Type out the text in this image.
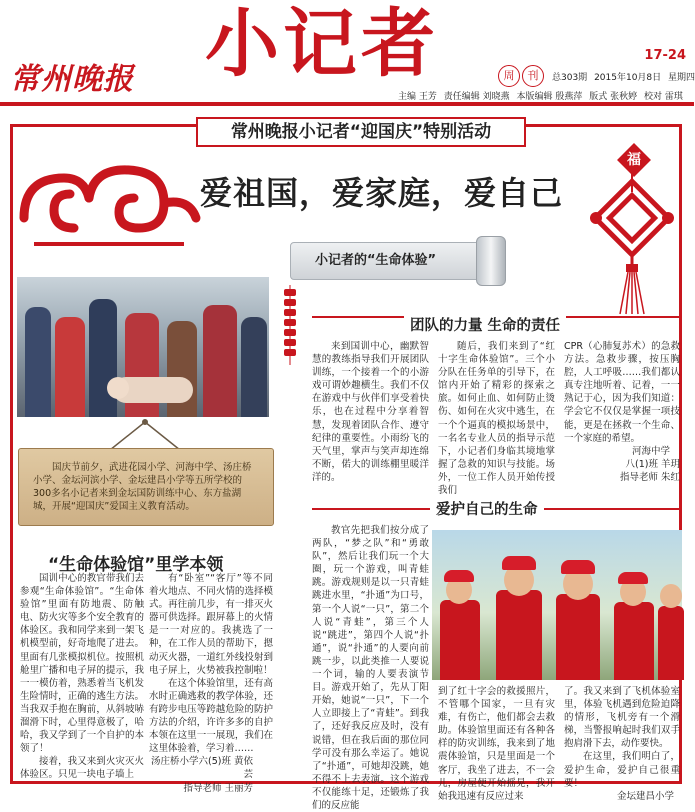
常州晚报 小记者	17-24
周	刊	总303期 2015年10月8日 星期四
主编 王芳 责任编辑 刘晓燕 本版编辑 殷燕萍 版式 张秋婷 校对 雷琪
福
常州晚报小记者“迎国庆”特别活动
爱祖国，爱家庭，爱自己
国庆节前夕，武进花园小学、河海中学、汤庄桥小学、金坛河滨小学、金坛建昌小学等五所学校的300多名小记者来到金坛国防训练中心、东方盐湖城，开展“迎国庆”爱国主义教育活动。
“生命体验馆”里学本领

国训中心的教官带我们去参观“生命体验馆”。“生命体验馆”里面有防地震、防触电、防火灾等多个安全教育的体验区。我和同学来到一架飞机模型前，好奇地爬了进去。里面有几张模拟机位。按照机舱里广播和电子屏的提示，我一一模仿着，熟悉着当飞机发生险情时，正确的逃生方法。当我双手抱在胸前，从斜坡哧溜滑下时，心里得意极了，哈哈，我又学到了一个自护的本领了！

接着，我又来到火灾灭火体验区。只见一块电子墙上

有“卧室”“客厅”等不同着火地点、不同火情的选择模式。再往前几步，有一排灭火器可供选择。跟屏幕上的火情是一一对应的。我挑选了一种，在工作人员的帮助下，摁动灭火器，一道红外线投射到电子屏上，火势被我控制啦！

在这个体验馆里，还有高水时正确逃救的教学体验，还有跨步电压等跨越危险的防护方法的介绍，许许多多的自护本领在这里一一展现，我们在这里体验着，学习着……

汤庄桥小学六(5)班 黄依芸

指导老师 王丽芳

小记者的“生命体验”
团队的力量 生命的责任

来到国训中心，幽默智慧的教练指导我们开展团队训练，一个接着一个的小游戏可谓妙趣横生。我们不仅在游戏中与伙伴们享受着快乐，也在过程中分享着智慧，发现着团队合作、遵守纪律的重要性。小雨纷飞的天气里，掌声与笑声却连绵不断，偌大的训练棚里暖洋洋的。

随后，我们来到了“红十字生命体验馆”。三个小分队在任务单的引导下，在馆内开始了精彩的探索之旅。如何止血、如何防止烫伤、如何在火灾中逃生，在一个个逼真的模拟场景中，一名名专业人员的指导示范下，小记者们身临其境地掌握了急救的知识与技能。场外，一位工作人员开始传授我们

CPR（心肺复苏术）的急救方法。急救步骤，按压胸腔，人工呼吸……我们都认真专注地听着、记着，一一熟记于心，因为我们知道：学会它不仅仅是掌握一项技能，更是在拯救一个生命、一个家庭的希望。

河海中学

八(1)班 羊玥

指导老师 朱红

爱护自己的生命

教官先把我们按分成了两队，“梦之队”和“勇敢队”，然后让我们玩一个大圈，玩一个游戏，叫青蛙跳。游戏规则是以一只青蛙跳进水里，“扑通”为口号，第一个人说“一只”，第二个人说“青蛙”，第三个人说“跳进”，第四个人说“扑通”，说“扑通”的人要向前跳一步，以此类推一人要说一个词，输的人要表演节目。游戏开始了，先从丁阳开始，她说“一只”，下一个人立即接上了“青蛙”。到我了，还好我反应及时，没有说错，但在我后面的那位同学可没有那么幸运了。她说了“扑通”，可她却没跳，她不得不上去表演。这个游戏不仅能练十足，还锻炼了我们的反应能

到了红十字会的救援照片，不管哪个国家，一旦有灾难，有伤亡，他们都会去救助。体验馆里面还有各种各样的防灾训练，我来到了地震体验馆，只是里面是一个客厅，我坐了进去，不一会儿，房屋便开始摇晃，我开始我迅速有反应过来

了。我又来到了飞机体验室里，体验飞机遇到危险迫降的情形，飞机旁有一个滑梯，当警报响起时我们双手抱肩滑下去，动作要快。

在这里，我们明白了，爱护生命，爱护自己很重要！

金坛建昌小学
